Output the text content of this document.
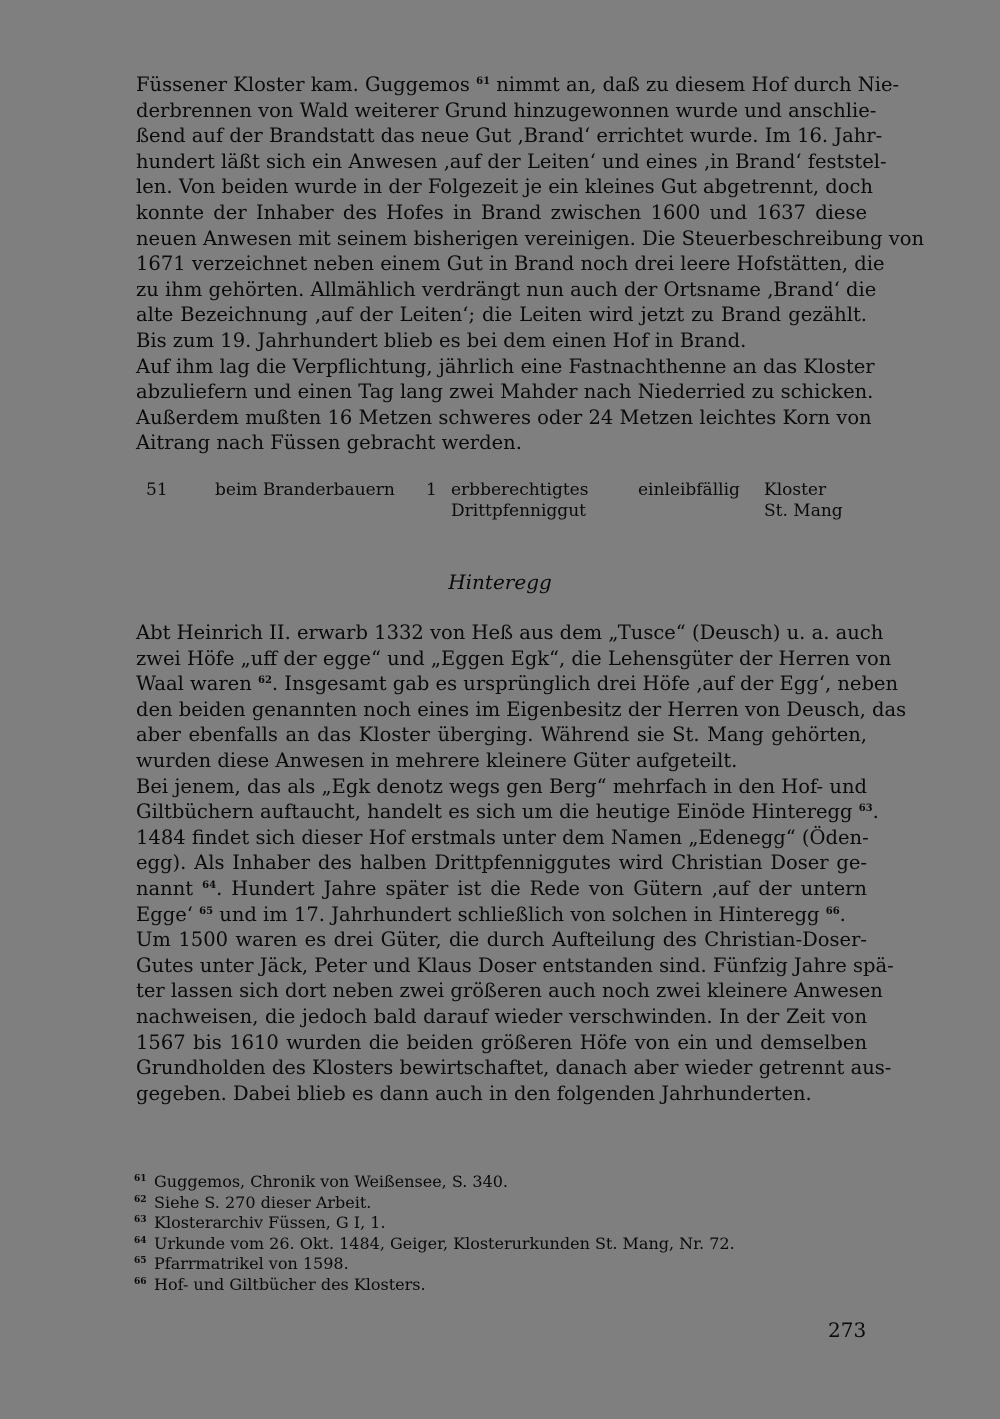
Füssener Kloster kam. Guggemos $^{61}$ nimmt an, daß zu diesem Hof durch Nie-
derbrennen von Wald weiterer Grund hinzugewonnen wurde und anschlie-
ßend auf der Brandstatt das neue Gut ‚Brand‘ errichtet wurde. Im 16. Jahr-
hundert läßt sich ein Anwesen ‚auf der Leiten‘ und eines ‚in Brand‘ feststel-
len. Von beiden wurde in der Folgezeit je ein kleines Gut abgetrennt, doch
konnte der Inhaber des Hofes in Brand zwischen 1600 und 1637 diese
neuen Anwesen mit seinem bisherigen vereinigen. Die Steuerbeschreibung von
1671 verzeichnet neben einem Gut in Brand noch drei leere Hofstätten, die
zu ihm gehörten. Allmählich verdrängt nun auch der Ortsname ‚Brand‘ die
alte Bezeichnung ‚auf der Leiten‘; die Leiten wird jetzt zu Brand gezählt.
Bis zum 19. Jahrhundert blieb es bei dem einen Hof in Brand.
Auf ihm lag die Verpflichtung, jährlich eine Fastnachthenne an das Kloster
abzuliefern und einen Tag lang zwei Mahder nach Niederried zu schicken.
Außerdem mußten 16 Metzen schweres oder 24 Metzen leichtes Korn von
Aitrang nach Füssen gebracht werden.
51	beim Branderbauern 1 erbberechtigtes
Drittpfenniggut
einleibfällig Kloster
St. Mang
Hinteregg
Abt Heinrich II. erwarb 1332 von Heß aus dem „Tusce“ (Deusch) u. a. auch
zwei Höfe „uff der egge“ und „Eggen Egk“, die Lehensgüter der Herren von
Waal waren $^{62}$. Insgesamt gab es ursprünglich drei Höfe ‚auf der Egg‘, neben
den beiden genannten noch eines im Eigenbesitz der Herren von Deusch, das
aber ebenfalls an das Kloster überging. Während sie St. Mang gehörten,
wurden diese Anwesen in mehrere kleinere Güter aufgeteilt.
Bei jenem, das als „Egk denotz wegs gen Berg“ mehrfach in den Hof- und
Giltbüchern auftaucht, handelt es sich um die heutige Einöde Hinteregg $^{63}$.
1484 findet sich dieser Hof erstmals unter dem Namen „Edenegg“ (Öden-
egg). Als Inhaber des halben Drittpfenniggutes wird Christian Doser ge-
nannt $^{64}$. Hundert Jahre später ist die Rede von Gütern ‚auf der untern
Egge‘ $^{65}$ und im 17. Jahrhundert schließlich von solchen in Hinteregg $^{66}$.
Um 1500 waren es drei Güter, die durch Aufteilung des Christian-Doser-
Gutes unter Jäck, Peter und Klaus Doser entstanden sind. Fünfzig Jahre spä-
ter lassen sich dort neben zwei größeren auch noch zwei kleinere Anwesen
nachweisen, die jedoch bald darauf wieder verschwinden. In der Zeit von
1567 bis 1610 wurden die beiden größeren Höfe von ein und demselben
Grundholden des Klosters bewirtschaftet, danach aber wieder getrennt aus-
gegeben. Dabei blieb es dann auch in den folgenden Jahrhunderten.
61 Guggemos, Chronik von Weißensee, S. 340.
62 Siehe S. 270 dieser Arbeit.
63 Klosterarchiv Füssen, G I, 1.
64 Urkunde vom 26. Okt. 1484, Geiger, Klosterurkunden St. Mang, Nr. 72.
65 Pfarrmatrikel von 1598.
66 Hof- und Giltbücher des Klosters.
273
